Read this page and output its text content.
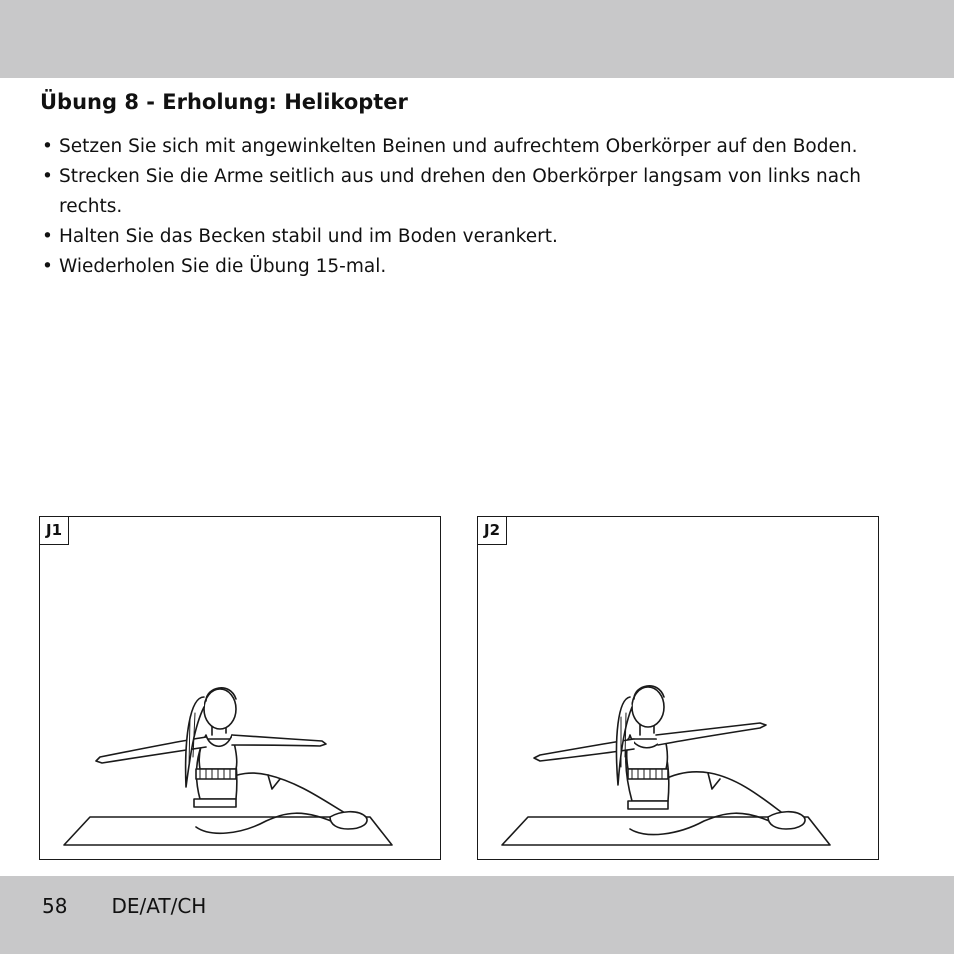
Übung 8 - Erholung: Helikopter
• Setzen Sie sich mit angewinkelten Beinen und aufrechtem Oberkörper auf den Boden.
• Strecken Sie die Arme seitlich aus und drehen den Oberkörper langsam von links nach rechts.
• Halten Sie das Becken stabil und im Boden verankert.
• Wiederholen Sie die Übung 15-mal.
J1	J2
58 DE/AT/CH
